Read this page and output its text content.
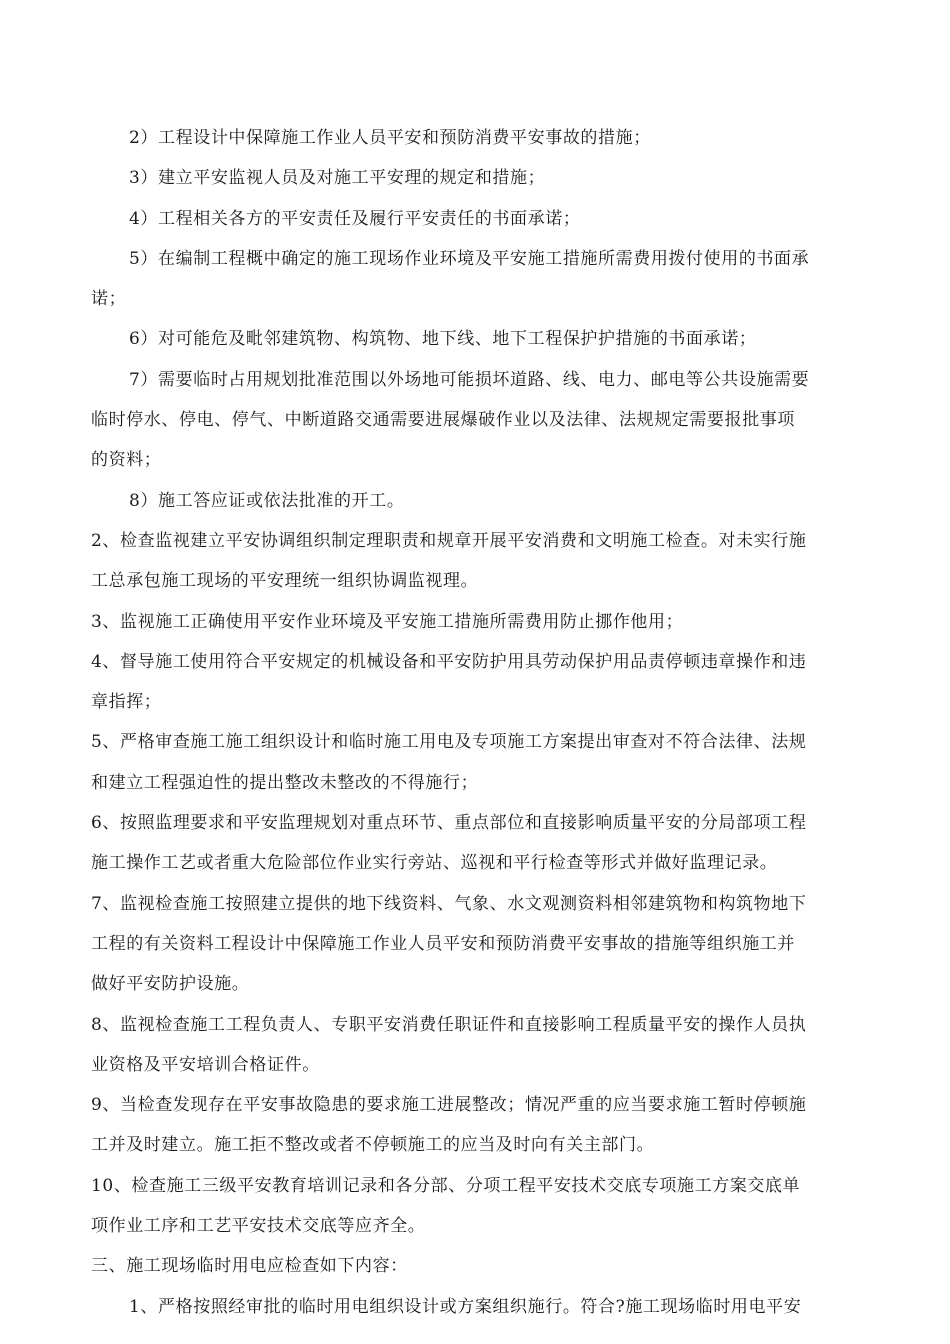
2）工程设计中保障施工作业人员平安和预防消费平安事故的措施；

3）建立平安监视人员及对施工平安理的规定和措施；

4）工程相关各方的平安责任及履行平安责任的书面承诺；

5）在编制工程概中确定的施工现场作业环境及平安施工措施所需费用拨付使用的书面承
诺；

6）对可能危及毗邻建筑物、构筑物、地下线、地下工程保护护措施的书面承诺；

7）需要临时占用规划批准范围以外场地可能损坏道路、线、电力、邮电等公共设施需要
临时停水、停电、停气、中断道路交通需要进展爆破作业以及法律、法规规定需要报批事项
的资料；

8）施工答应证或依法批准的开工。

2、检查监视建立平安协调组织制定理职责和规章开展平安消费和文明施工检查。对未实行施
工总承包施工现场的平安理统一组织协调监视理。

3、监视施工正确使用平安作业环境及平安施工措施所需费用防止挪作他用；

4、督导施工使用符合平安规定的机械设备和平安防护用具劳动保护用品责停顿违章操作和违
章指挥；

5、严格审查施工施工组织设计和临时施工用电及专项施工方案提出审查对不符合法律、法规
和建立工程强迫性的提出整改未整改的不得施行；

6、按照监理要求和平安监理规划对重点环节、重点部位和直接影响质量平安的分局部项工程
施工操作工艺或者重大危险部位作业实行旁站、巡视和平行检查等形式并做好监理记录。

7、监视检查施工按照建立提供的地下线资料、气象、水文观测资料相邻建筑物和构筑物地下
工程的有关资料工程设计中保障施工作业人员平安和预防消费平安事故的措施等组织施工并
做好平安防护设施。

8、监视检查施工工程负责人、专职平安消费任职证件和直接影响工程质量平安的操作人员执
业资格及平安培训合格证件。

9、当检查发现存在平安事故隐患的要求施工进展整改；情况严重的应当要求施工暂时停顿施
工并及时建立。施工拒不整改或者不停顿施工的应当及时向有关主部门。

10、检查施工三级平安教育培训记录和各分部、分项工程平安技术交底专项施工方案交底单
项作业工序和工艺平安技术交底等应齐全。

三、施工现场临时用电应检查如下内容：

1、严格按照经审批的临时用电组织设计或方案组织施行。符合?施工现场临时用电平安
